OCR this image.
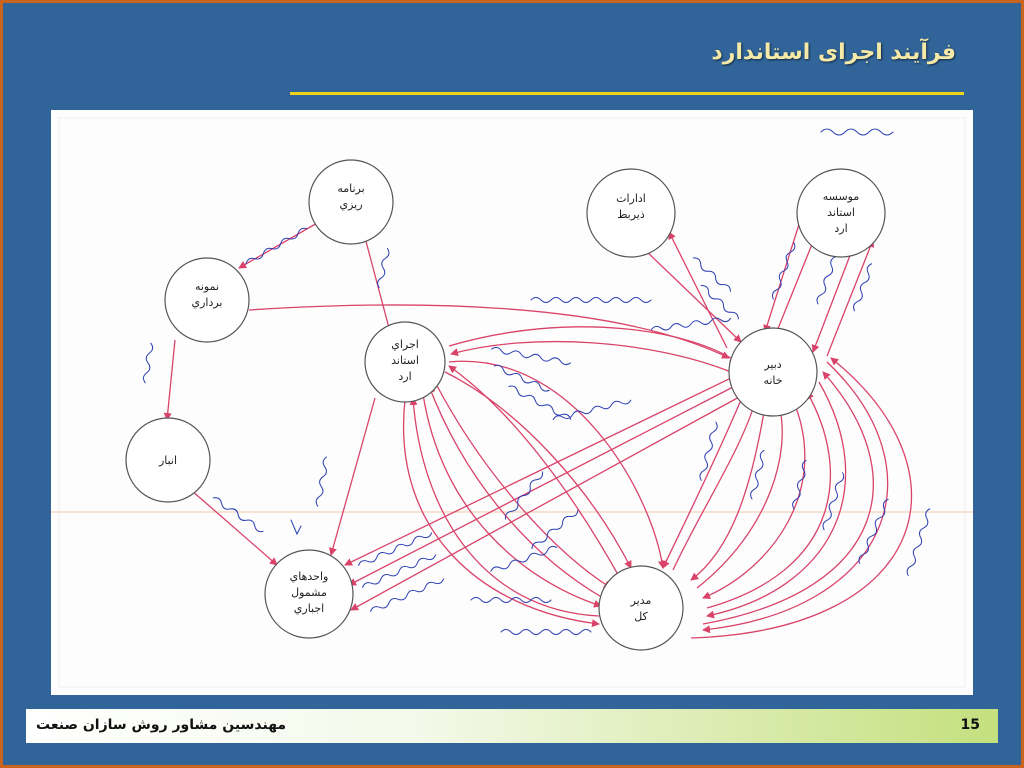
فرآیند اجرای استاندارد
برنامه
ريزي
نمونه
برداري
انبار
واحدهاي
مشمول
اجباري
اجراي
استاند
ارد
ادارات
ذيربط
موسسه
استاند
ارد
دبير
خانه
مدير
كل
مهندسین مشاور روش سازان صنعت	15
